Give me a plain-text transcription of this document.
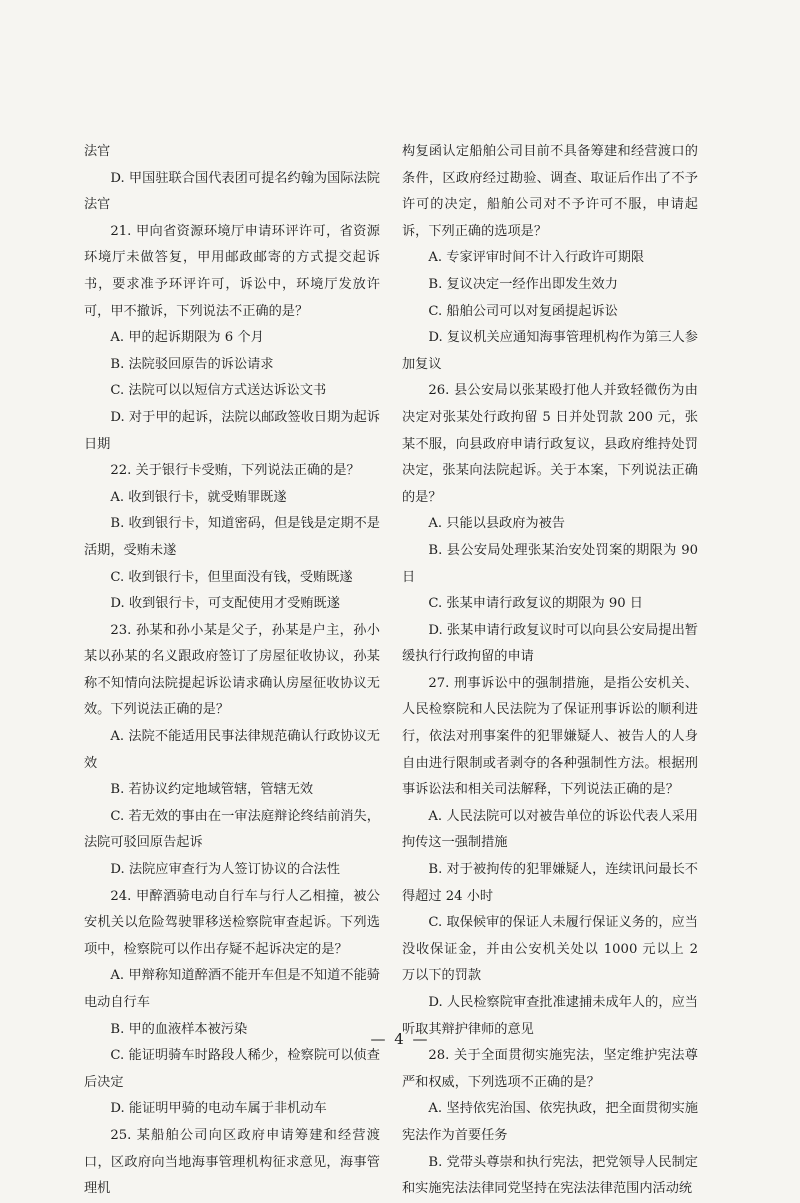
法官

D. 甲国驻联合国代表团可提名约翰为国际法院法官

21. 甲向省资源环境厅申请环评许可，省资源环境厅未做答复，甲用邮政邮寄的方式提交起诉书，要求准予环评许可，诉讼中，环境厅发放许可，甲不撤诉，下列说法不正确的是？

A. 甲的起诉期限为 6 个月

B. 法院驳回原告的诉讼请求

C. 法院可以以短信方式送达诉讼文书

D. 对于甲的起诉，法院以邮政签收日期为起诉日期

22. 关于银行卡受贿，下列说法正确的是？

A. 收到银行卡，就受贿罪既遂

B. 收到银行卡，知道密码，但是钱是定期不是活期，受贿未遂

C. 收到银行卡，但里面没有钱，受贿既遂

D. 收到银行卡，可支配使用才受贿既遂

23. 孙某和孙小某是父子，孙某是户主，孙小某以孙某的名义跟政府签订了房屋征收协议，孙某称不知情向法院提起诉讼请求确认房屋征收协议无效。下列说法正确的是？

A. 法院不能适用民事法律规范确认行政协议无效

B. 若协议约定地域管辖，管辖无效

C. 若无效的事由在一审法庭辩论终结前消失，法院可驳回原告起诉

D. 法院应审查行为人签订协议的合法性

24. 甲醉酒骑电动自行车与行人乙相撞，被公安机关以危险驾驶罪移送检察院审查起诉。下列选项中，检察院可以作出存疑不起诉决定的是？

A. 甲辩称知道醉酒不能开车但是不知道不能骑电动自行车

B. 甲的血液样本被污染

C. 能证明骑车时路段人稀少，检察院可以侦查后决定

D. 能证明甲骑的电动车属于非机动车

25. 某船舶公司向区政府申请筹建和经营渡口，区政府向当地海事管理机构征求意见，海事管理机

构复函认定船舶公司目前不具备筹建和经营渡口的条件，区政府经过勘验、调查、取证后作出了不予许可的决定，船舶公司对不予许可不服，申请起诉，下列正确的选项是？

A. 专家评审时间不计入行政许可期限

B. 复议决定一经作出即发生效力

C. 船舶公司可以对复函提起诉讼

D. 复议机关应通知海事管理机构作为第三人参加复议

26. 县公安局以张某殴打他人并致轻微伤为由决定对张某处行政拘留 5 日并处罚款 200 元，张某不服，向县政府申请行政复议，县政府维持处罚决定，张某向法院起诉。关于本案，下列说法正确的是？

A. 只能以县政府为被告

B. 县公安局处理张某治安处罚案的期限为 90 日

C. 张某申请行政复议的期限为 90 日

D. 张某申请行政复议时可以向县公安局提出暂缓执行行政拘留的申请

27. 刑事诉讼中的强制措施，是指公安机关、人民检察院和人民法院为了保证刑事诉讼的顺利进行，依法对刑事案件的犯罪嫌疑人、被告人的人身自由进行限制或者剥夺的各种强制性方法。根据刑事诉讼法和相关司法解释，下列说法正确的是？

A. 人民法院可以对被告单位的诉讼代表人采用拘传这一强制措施

B. 对于被拘传的犯罪嫌疑人，连续讯问最长不得超过 24 小时

C. 取保候审的保证人未履行保证义务的，应当没收保证金，并由公安机关处以 1000 元以上 2 万以下的罚款

D. 人民检察院审查批准逮捕未成年人的，应当听取其辩护律师的意见

28. 关于全面贯彻实施宪法，坚定维护宪法尊严和权威，下列选项不正确的是？

A. 坚持依宪治国、依宪执政，把全面贯彻实施宪法作为首要任务

B. 党带头尊崇和执行宪法，把党领导人民制定和实施宪法法律同党坚持在宪法法律范围内活动统

— 4 —
